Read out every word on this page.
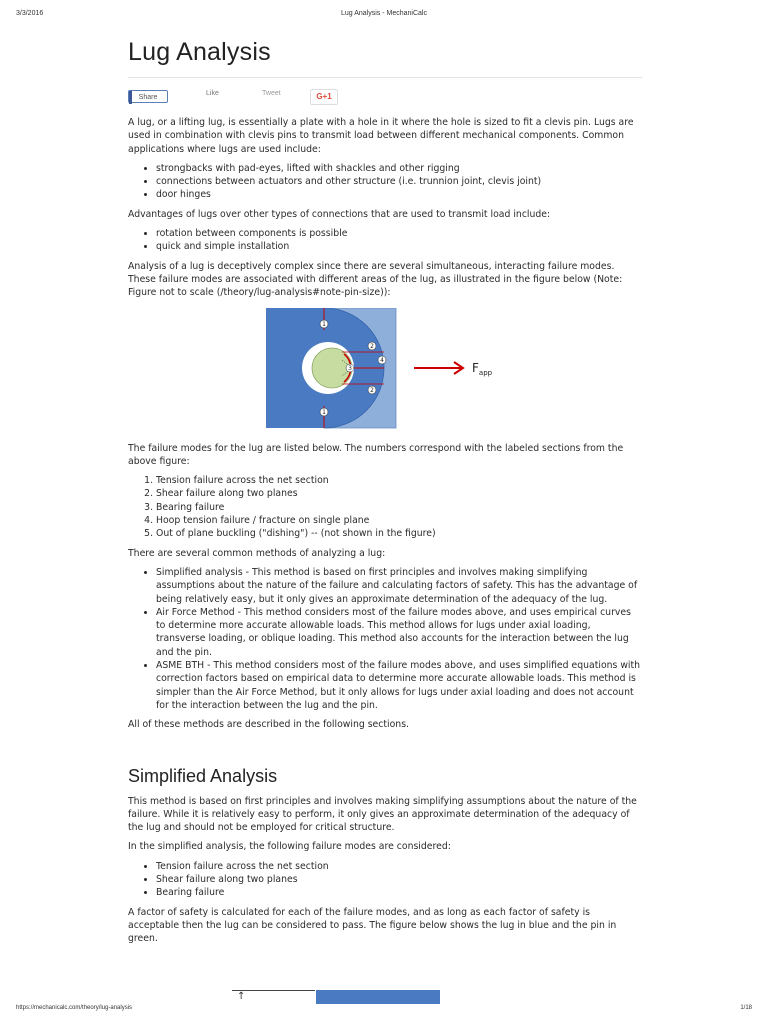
3/3/2016	Lug Analysis - MechaniCalc
Lug Analysis
Share
Like	Tweet	G+1

A lug, or a lifting lug, is essentially a plate with a hole in it where the hole is sized to fit a clevis pin. Lugs are used in combination with clevis pins to transmit load between different mechanical components. Common applications where lugs are used include:

• strongbacks with pad-eyes, lifted with shackles and other rigging
• connections between actuators and other structure (i.e. trunnion joint, clevis joint)
• door hinges

Advantages of lugs over other types of connections that are used to transmit load include:

• rotation between components is possible
• quick and simple installation

Analysis of a lug is deceptively complex since there are several simultaneous, interacting failure modes. These failure modes are associated with different areas of the lug, as illustrated in the figure below (Note: Figure not to scale (/theory/lug-analysis#note-pin-size)):

1
2
3
4
2
1
$F_{app}$

The failure modes for the lug are listed below. The numbers correspond with the labeled sections from the above figure:

1. Tension failure across the net section
2. Shear failure along two planes
3. Bearing failure
4. Hoop tension failure / fracture on single plane
5. Out of plane buckling ("dishing") -- (not shown in the figure)

There are several common methods of analyzing a lug:

• Simplified analysis - This method is based on first principles and involves making simplifying assumptions about the nature of the failure and calculating factors of safety. This has the advantage of being relatively easy, but it only gives an approximate determination of the adequacy of the lug.
• Air Force Method - This method considers most of the failure modes above, and uses empirical curves to determine more accurate allowable loads. This method allows for lugs under axial loading, transverse loading, or oblique loading. This method also accounts for the interaction between the lug and the pin.
• ASME BTH - This method considers most of the failure modes above, and uses simplified equations with correction factors based on empirical data to determine more accurate allowable loads. This method is simpler than the Air Force Method, but it only allows for lugs under axial loading and does not account for the interaction between the lug and the pin.

All of these methods are described in the following sections.

Simplified Analysis

This method is based on first principles and involves making simplifying assumptions about the nature of the failure. While it is relatively easy to perform, it only gives an approximate determination of the adequacy of the lug and should not be employed for critical structure.

In the simplified analysis, the following failure modes are considered:

• Tension failure across the net section
• Shear failure along two planes
• Bearing failure

A factor of safety is calculated for each of the failure modes, and as long as each factor of safety is acceptable then the lug can be considered to pass. The figure below shows the lug in blue and the pin in green.

↑
https://mechanicalc.com/theory/lug-analysis	1/18
